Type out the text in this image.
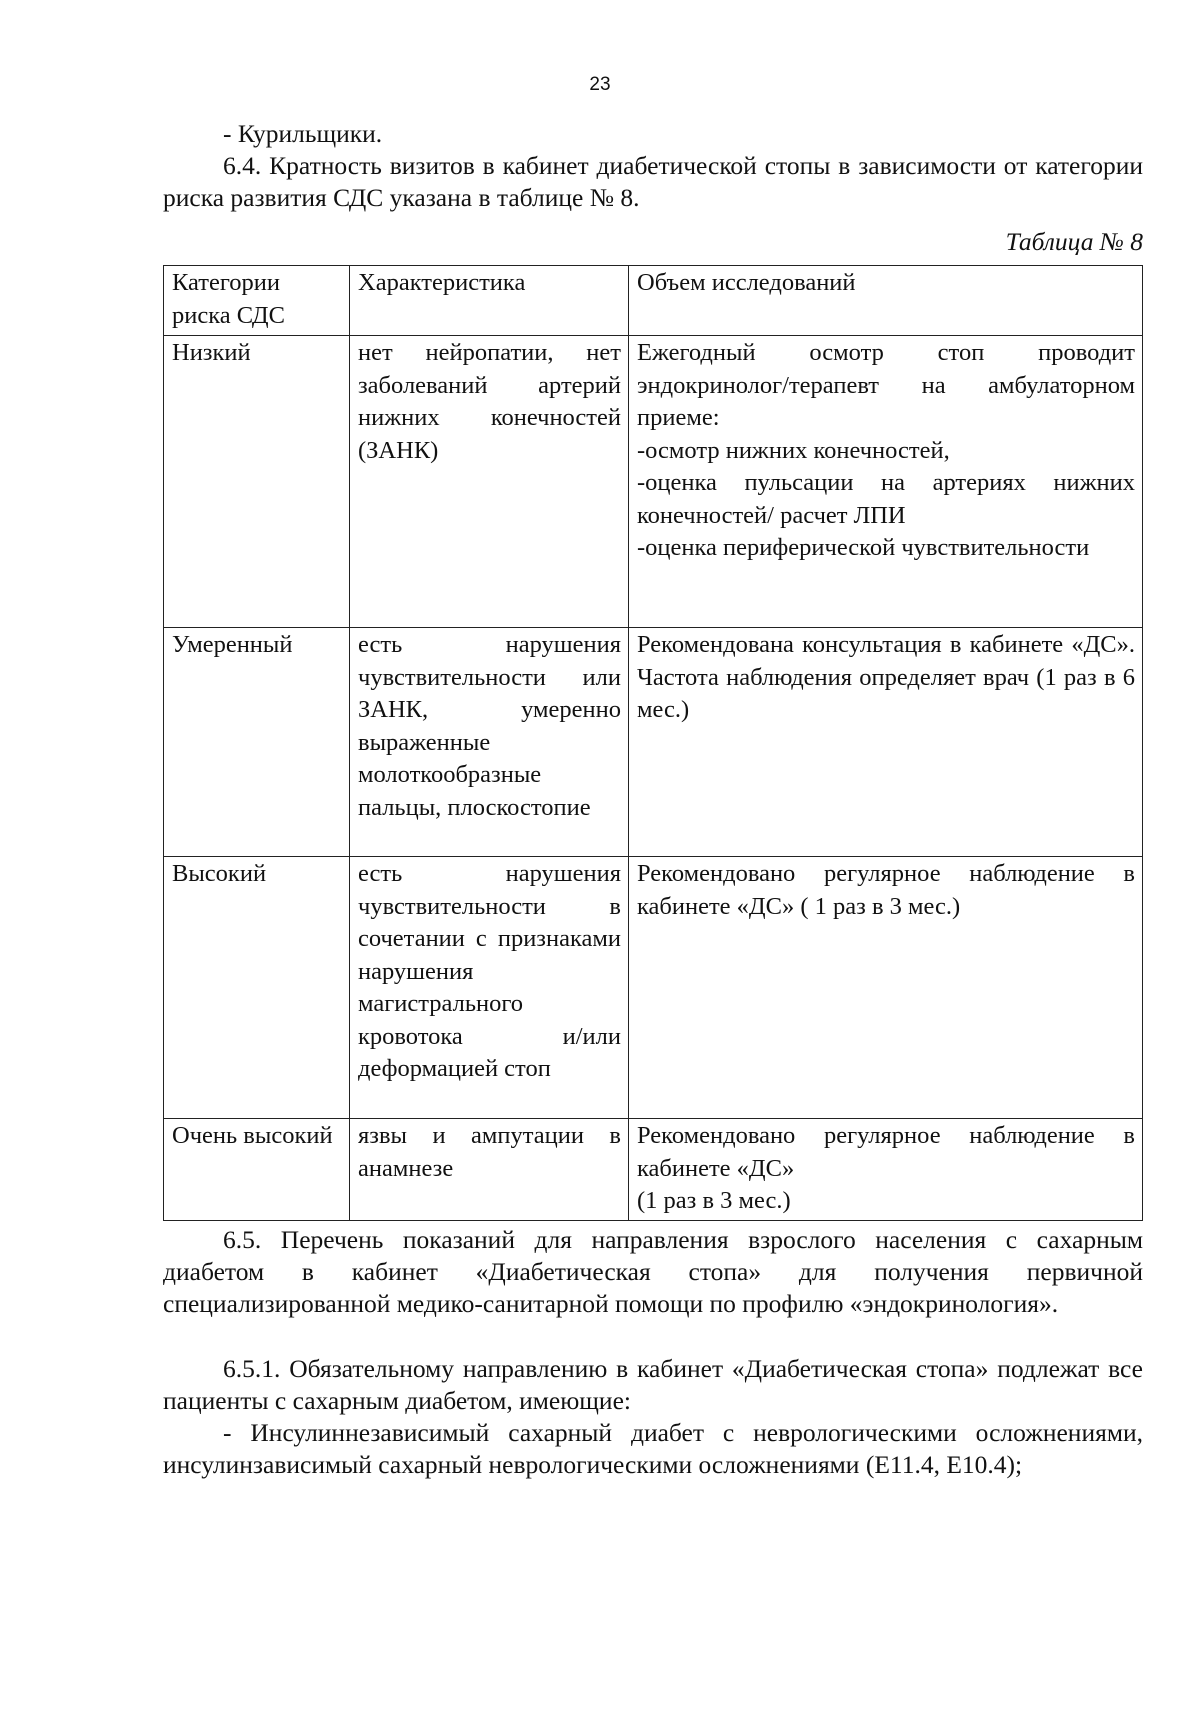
23
- Курильщики.
6.4. Кратность визитов в кабинет диабетической стопы в зависимости от категории риска развития СДС указана в таблице № 8.
Таблица № 8
Категории риска СДС	Характеристика	Объем исследований
Низкий	нет нейропатии, нет заболеваний артерий нижних конечностей (ЗАНК)	Ежегодный осмотр стоп проводит эндокринолог/терапевт на амбулаторном приеме:
-осмотр нижних конечностей,
-оценка пульсации на артериях нижних конечностей/ расчет ЛПИ
-оценка периферической чувствительности

Умеренный	есть нарушения чувствительности или ЗАНК, умеренно выраженные молоткообразные пальцы, плоскостопие	Рекомендована консультация в кабинете «ДС». Частота наблюдения определяет врач (1 раз в 6 мес.)

Высокий	есть нарушения чувствительности в сочетании с признаками нарушения магистрального кровотока и/или деформацией стоп	Рекомендовано регулярное наблюдение в кабинете «ДС» ( 1 раз в 3 мес.)

Очень высокий	язвы и ампутации в анамнезе	Рекомендовано регулярное наблюдение в кабинете «ДС»
(1 раз в 3 мес.)
6.5. Перечень показаний для направления взрослого населения с сахарным диабетом в кабинет «Диабетическая стопа» для получения первичной специализированной медико-санитарной помощи по профилю «эндокринология».
6.5.1. Обязательному направлению в кабинет «Диабетическая стопа» подлежат все пациенты с сахарным диабетом, имеющие:
- Инсулиннезависимый сахарный диабет с неврологическими осложнениями, инсулинзависимый сахарный неврологическими осложнениями (E11.4, E10.4);
